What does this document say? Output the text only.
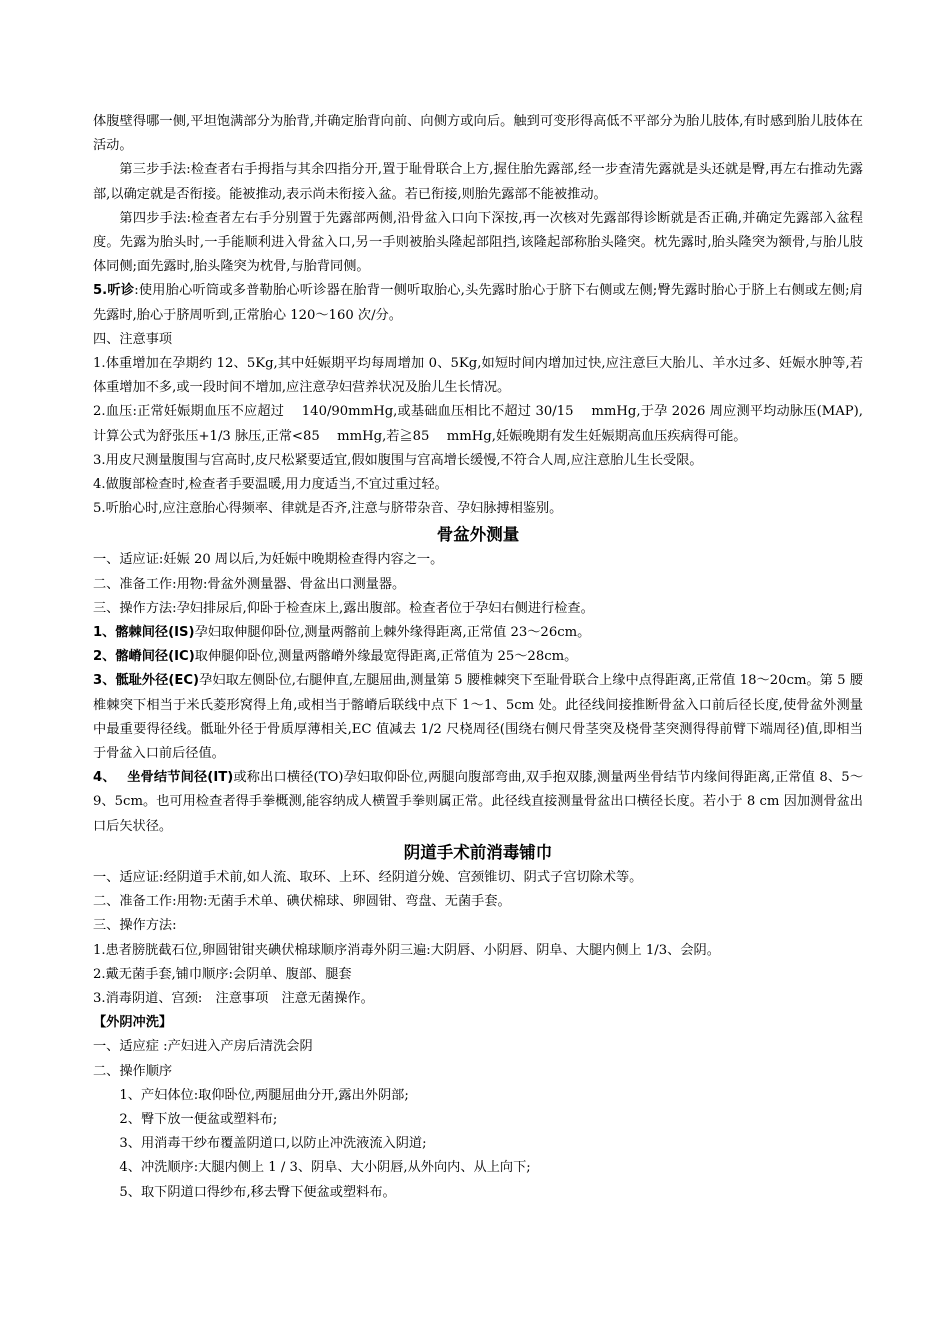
体腹壁得哪一侧,平坦饱满部分为胎背,并确定胎背向前、向侧方或向后。触到可变形得高低不平部分为胎儿肢体,有时感到胎儿肢体在活动。

第三步手法:检查者右手拇指与其余四指分开,置于耻骨联合上方,握住胎先露部,经一步查清先露就是头还就是臀,再左右推动先露部,以确定就是否衔接。能被推动,表示尚未衔接入盆。若已衔接,则胎先露部不能被推动。

第四步手法:检查者左右手分别置于先露部两侧,沿骨盆入口向下深按,再一次核对先露部得诊断就是否正确,并确定先露部入盆程度。先露为胎头时,一手能顺利进入骨盆入口,另一手则被胎头隆起部阻挡,该隆起部称胎头隆突。枕先露时,胎头隆突为额骨,与胎儿肢体同侧;面先露时,胎头隆突为枕骨,与胎背同侧。

5.听诊:使用胎心听筒或多普勒胎心听诊器在胎背一侧听取胎心,头先露时胎心于脐下右侧或左侧;臀先露时胎心于脐上右侧或左侧;肩先露时,胎心于脐周听到,正常胎心 120～160 次/分。

四、注意事项

1.体重增加在孕期约 12、5Kg,其中妊娠期平均每周增加 0、5Kg,如短时间内增加过快,应注意巨大胎儿、羊水过多、妊娠水肿等,若体重增加不多,或一段时间不增加,应注意孕妇营养状况及胎儿生长情况。

2.血压:正常妊娠期血压不应超过　 140/90mmHg,或基础血压相比不超过 30/15　 mmHg,于孕 2026 周应测平均动脉压(MAP),计算公式为舒张压+1/3 脉压,正常<85　 mmHg,若≧85　 mmHg,妊娠晚期有发生妊娠期高血压疾病得可能。

3.用皮尺测量腹围与宫高时,皮尺松紧要适宜,假如腹围与宫高增长缓慢,不符合人周,应注意胎儿生长受限。

4.做腹部检查时,检查者手要温暖,用力度适当,不宜过重过轻。

5.听胎心时,应注意胎心得频率、律就是否齐,注意与脐带杂音、孕妇脉搏相鉴别。

骨盆外测量

一、适应证:妊娠 20 周以后,为妊娠中晚期检查得内容之一。

二、准备工作:用物:骨盆外测量器、骨盆出口测量器。

三、操作方法:孕妇排尿后,仰卧于检查床上,露出腹部。检查者位于孕妇右侧进行检查。

1、髂棘间径(IS)孕妇取伸腿仰卧位,测量两髂前上棘外缘得距离,正常值 23～26cm。

2、髂嵴间径(IC)取伸腿仰卧位,测量两髂嵴外缘最宽得距离,正常值为 25～28cm。

3、骶耻外径(EC)孕妇取左侧卧位,右腿伸直,左腿屈曲,测量第 5 腰椎棘突下至耻骨联合上缘中点得距离,正常值 18～20cm。第 5 腰椎棘突下相当于米氏菱形窝得上角,或相当于髂嵴后联线中点下 1～1、5cm 处。此径线间接推断骨盆入口前后径长度,使骨盆外测量中最重要得径线。骶耻外径于骨质厚薄相关,EC 值减去 1/2 尺桡周径(围绕右侧尺骨茎突及桡骨茎突测得得前臂下端周径)值,即相当于骨盆入口前后径值。

4、　 坐骨结节间径(IT)或称出口横径(TO)孕妇取仰卧位,两腿向腹部弯曲,双手抱双膝,测量两坐骨结节内缘间得距离,正常值 8、5～9、5cm。也可用检查者得手拳概测,能容纳成人横置手拳则属正常。此径线直接测量骨盆出口横径长度。若小于 8 cm 因加测骨盆出口后矢状径。

阴道手术前消毒铺巾

一、适应证:经阴道手术前,如人流、取环、上环、经阴道分娩、宫颈锥切、阴式子宫切除术等。

二、准备工作:用物:无菌手术单、碘伏棉球、卵圆钳、弯盘、无菌手套。

三、操作方法:

1.患者膀胱截石位,卵圆钳钳夹碘伏棉球顺序消毒外阴三遍:大阴唇、小阴唇、阴阜、大腿内侧上 1/3、会阴。

2.戴无菌手套,铺巾顺序:会阴单、腹部、腿套

3.消毒阴道、宫颈:　注意事项　注意无菌操作。

【外阴冲洗】

一、适应症 :产妇进入产房后清洗会阴

二、操作顺序

1、产妇体位:取仰卧位,两腿屈曲分开,露出外阴部;

2、臀下放一便盆或塑料布;

3、用消毒干纱布覆盖阴道口,以防止冲洗液流入阴道;

4、冲洗顺序:大腿内侧上 1 / 3、阴阜、大小阴唇,从外向内、从上向下;

5、取下阴道口得纱布,移去臀下便盆或塑料布。
